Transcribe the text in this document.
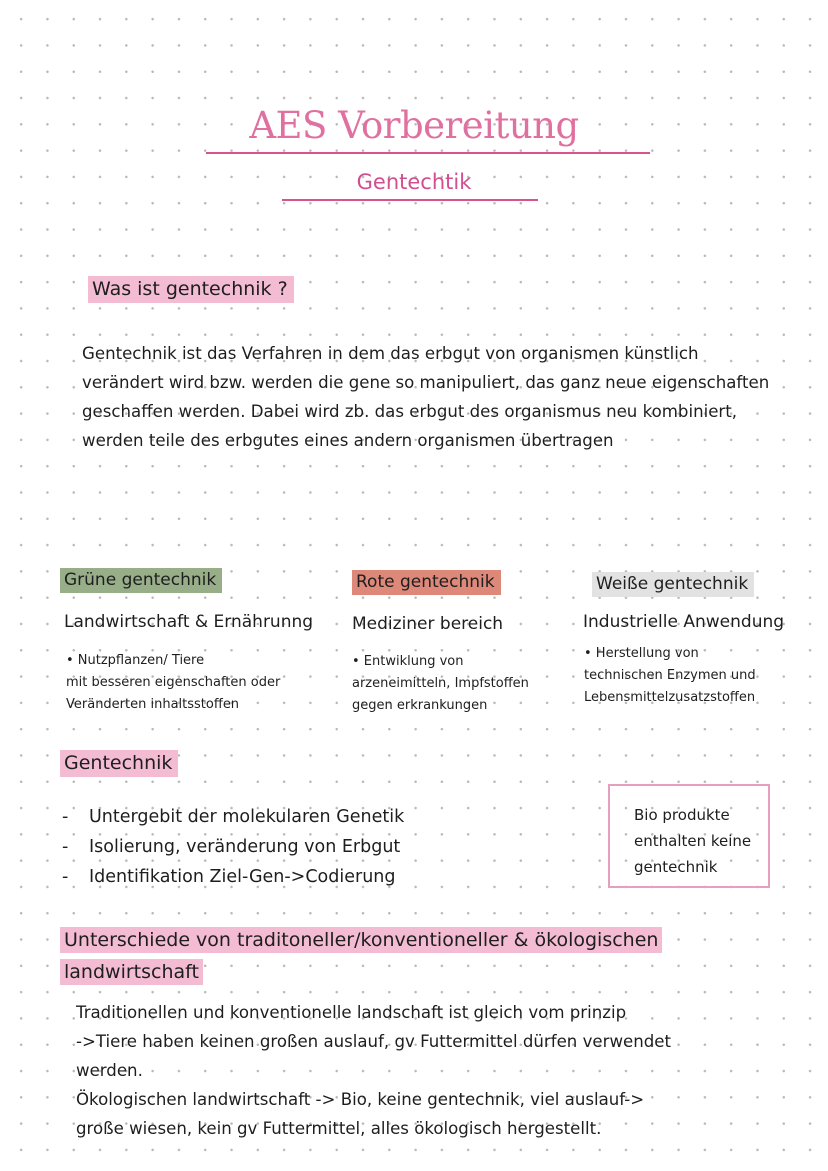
AES Vorbereitung
Gentechtik
Was ist gentechnik ?

Gentechnik ist das Verfahren in dem das erbgut von organismen künstlich verändert wird bzw. werden die gene so manipuliert, das ganz neue eigenschaften geschaffen werden. Dabei wird zb. das erbgut des organismus neu kombiniert, werden teile des erbgutes eines andern organismen übertragen

Grüne gentechnik
Landwirtschaft & Ernährunng

• Nutzpflanzen/ Tiere

mit besseren eigenschaften oder

Veränderten inhaltsstoffen

Rote gentechnik
Mediziner bereich

• Entwiklung von

arzeneimitteln, Impfstoffen

gegen erkrankungen

Weiße gentechnik
Industrielle Anwendung

• Herstellung von

technischen Enzymen und

Lebensmittelzusatzstoffen

Gentechnik
- Untergebit der molekularen Genetik
- Isolierung, veränderung von Erbgut
- Identifikation Ziel-Gen->Codierung
Bio produkte
enthalten keine
gentechnik
Unterschiede von traditoneller/konventioneller & ökologischen
landwirtschaft
Traditionellen und konventionelle landschaft ist gleich vom prinzip
->Tiere haben keinen großen auslauf, gv Futtermittel dürfen verwendet
werden.
Ökologischen landwirtschaft -> Bio, keine gentechnik, viel auslauf->
große wiesen, kein gv Futtermittel, alles ökologisch hergestellt.
